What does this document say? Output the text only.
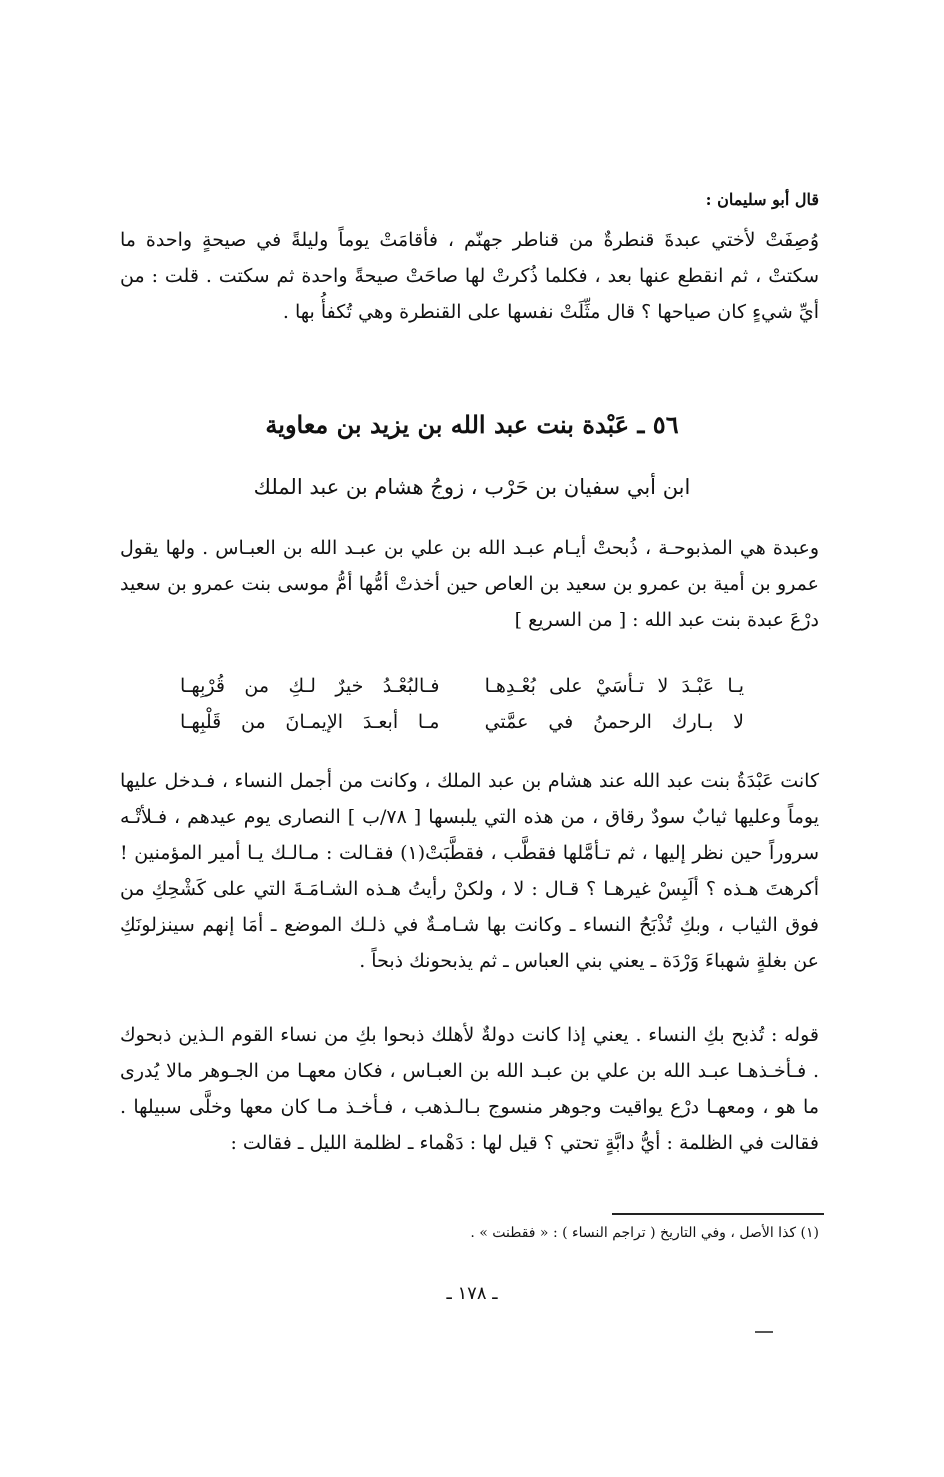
قال أبو سليمان :
وُصِفَتْ لأختي عبدةَ قنطرةٌ من قناطر جهنّم ، فأقامَتْ يوماً وليلةً في صيحةٍ واحدة ما سكتتْ ، ثم انقطع عنها بعد ، فكلما ذُكرتْ لها صاحَتْ صيحةً واحدة ثم سكتت . قلت : من أيِّ شيءٍ كان صياحها ؟ قال مثِّلَتْ نفسها على القنطرة وهي تُكفأُ بها .
٥٦ ـ عَبْدة بنت عبد الله بن يزيد بن معاوية
ابن أبي سفيان بن حَرْب ، زوجُ هشام بن عبد الملك
وعبدة هي المذبوحـة ، ذُبحتْ أيـام عبـد الله بن علي بن عبـد الله بن العبـاس . ولها يقول عمرو بن أمية بن عمرو بن سعيد بن العاص حين أخذتْ أمُّها أمُّ موسى بنت عمرو بن سعيد درْعَ عبدة بنت عبد الله : [ من السريع ]
يـا عَبْـدَ لا تـأسَيْ على بُعْـدِهـا
فـالبُعْـدُ خيرٌ لـكِ من قُرْبِهـا
لا بـارك الرحمنُ في عمَّتي
مـا أبعـدَ الإيمـانَ من قَلْبِهـا
كانت عَبْدَةُ بنت عبد الله عند هشام بن عبد الملك ، وكانت من أجمل النساء ، فـدخل عليها يوماً وعليها ثيابٌ سودٌ رقاق ، من هذه التي يلبسها [ ٧٨/ب ] النصارى يوم عيدهم ، فـلأتْـه سروراً حين نظر إليها ، ثم تـأمَّلها فقطَّب ، فقطَّبَتْ(١) فقـالت : مـالـك يـا أمير المؤمنين ! أكرهتَ هـذه ؟ ألَبِسْ غيرهـا ؟ قـال : لا ، ولكنْ رأيتُ هـذه الشـامَـةَ التي على كَشْحِكِ من فوق الثياب ، وبكِ تُذْبَحُ النساء ـ وكانت بها شـامـةٌ في ذلـك الموضع ـ أمَا إنهم سينزلونَكِ عن بغلةٍ شهباءَ وَرْدَة ـ يعني بني العباس ـ ثم يذبحونك ذبحاً .
قوله : تُذبح بكِ النساء . يعني إذا كانت دولةٌ لأهلك ذبحوا بكِ من نساء القوم الـذين ذبحوك . فـأخـذهـا عبـد الله بن علي بن عبـد الله بن العبـاس ، فكان معهـا من الجـوهر مالا يُدرى ما هو ، ومعهـا درْع يواقيت وجوهر منسوج بـالـذهب ، فـأخـذ مـا كان معها وخلَّى سبيلها . فقالت في الظلمة : أيُّ دابَّةٍ تحتي ؟ قيل لها : دَهْماء ـ لظلمة الليل ـ فقالت :
(١) كذا الأصل ، وفي التاريخ ( تراجم النساء ) : « فقطنت » .
ـ ١٧٨ ـ
